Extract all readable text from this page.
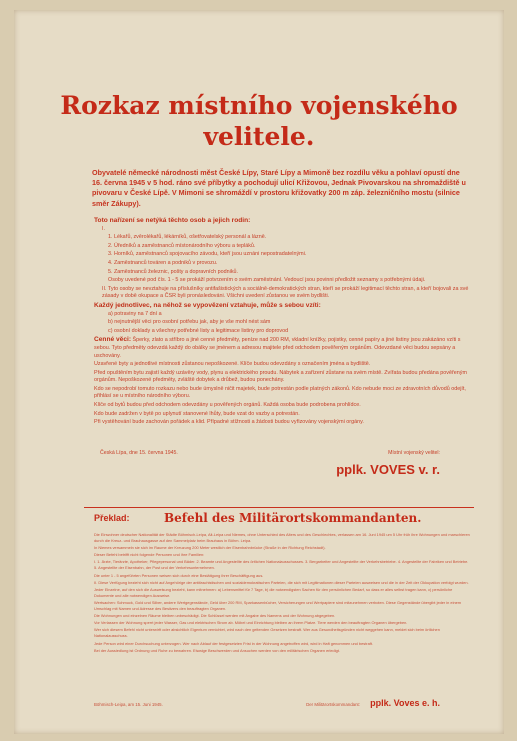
Rozkaz místního vojenského
velitele.
Obyvatelé německé národnosti měst České Lípy, Staré Lípy a Mimoně bez rozdílu věku a pohlaví opustí dne 16. června 1945 v 5 hod. ráno své příbytky a pochodují ulicí Křižovou, Jednak Pivovarskou na shromaždiště u pivovaru v České Lípě. V Mimoni se shromáždí v prostoru křižovatky 200 m záp. železničního mostu (silnice směr Zákupy).

Toto nařízení se netýká těchto osob a jejich rodin:

I.

1. Lékařů, zvěrolékařů, lékárníků, ošetřovatelský personál a lázně.

2. Úředníků a zaměstnanců místonárodního výboru a tepláků.

3. Horníků, zaměstnanců spojovacího závodu, kteří jsou uznáni nepostradatelnými.

4. Zaměstnanců továren a podniků v provozu.

5. Zaměstnanců železnic, pošty a dopravních podniků.

Osoby uvedené pod čís. 1 - 5 se prokáží potvrzením o svém zaměstnání. Vedoucí jsou povinni předložit seznamy s potřebnými údaji.

II. Tyto osoby se nevztahuje na příslušníky antifašistických a sociálně-demokratických stran, kteří se prokáží legitimací těchto stran, a kteří bojovali za své zásady v době okupace a ČSR byli pronásledováni. Všichni uvedení zůstanou ve svém bydlišti.

Každý jednotlivec, na něhož se vypovězení vztahuje, může s sebou vzíti:

a) potraviny na 7 dní a

b) nejnutnější věci pro osobní potřebu jak, aby je vše mohl nést sám

c) osobní doklady a všechny potřebné listy a legitimace listiny pro doprovod

Cenné věci: Šperky, zlato a stříbro a jiné cenné předměty, peníze nad 200 RM, vkladní knížky, pojistky, cenné papíry a jiné listiny jsou zakázáno vzíti s sebou. Tyto předměty odevzdá každý do obálky se jménem a adresou majitele před odchodem pověřeným orgánům. Odevzdané věci budou sepsány a uschovány.

Uzavřené byty a jednotlivé místnosti zůstanou nepoškozené. Klíče budou odevzdány s označením jména a bydliště.

Před opuštěním bytu zajistí každý uzávěry vody, plynu a elektrického proudu. Nábytek a zařízení zůstane na svém místě. Zvířata budou předána pověřeným orgánům. Nepoškozené předměty, zvláště dobytek a drůbež, budou ponechány.

Kdo se nepodrobí tomuto rozkazu nebo bude úmyslně ničit majetek, bude potrestán podle platných zákonů. Kdo nebude moci ze zdravotních důvodů odejít, přihlásí se u místního národního výboru.

Klíče od bytů budou před odchodem odevzdány u pověřených orgánů. Každá osoba bude podrobena prohlídce.

Kdo bude zadržen v bytě po uplynutí stanovené lhůty, bude vzat do vazby a potrestán.

Při vystěhování bude zachován pořádek a klid. Případné stížnosti a žádosti budou vyřizovány vojenskými orgány.

Česká Lípa, dne 15. června 1945.	Místní vojenský velitel:
pplk. VOVES v. r.
Překlad:	Befehl des Militärortskommandanten.

Die Einwohner deutscher Nationalität der Städte Böhmisch-Leipa, Alt-Leipa und Niemes, ohne Unterschied des Alters und des Geschlechtes, verlassen am 16. Juni 1945 um 5 Uhr früh ihre Wohnungen und marschieren durch die Kreuz- und Brauhausgasse auf den Sammelplatz beim Brauhaus in Böhm. Leipa.

In Niemes versammeln sie sich im Raume der Kreuzung 200 Meter westlich der Eisenbahnbrücke (Straße in der Richtung Reichstadt).

Dieser Befehl betrifft nicht folgende Personen und ihre Familien:

I. 1. Ärzte, Tierärzte, Apotheker, Pflegepersonal und Bäder. 2. Beamte und Angestellte des örtlichen Nationalausschusses. 3. Bergarbeiter und Angestellte der Verkehrsbetriebe. 4. Angestellte der Fabriken und Betriebe. 5. Angestellte der Eisenbahn, der Post und der Verkehrsunternehmen.

Die unter 1 - 5 angeführten Personen weisen sich durch eine Bestätigung ihrer Beschäftigung aus.

II. Diese Verfügung bezieht sich nicht auf Angehörige der antifaschistischen und sozialdemokratischen Parteien, die sich mit Legitimationen dieser Parteien ausweisen und die in der Zeit der Okkupation verfolgt wurden.

Jeder Einzelne, auf den sich die Ausweisung bezieht, kann mitnehmen: a) Lebensmittel für 7 Tage, b) die notwendigsten Sachen für den persönlichen Bedarf, so dass er alles selbst tragen kann, c) persönliche Dokumente und alle notwendigen Ausweise.

Wertsachen: Schmuck, Gold und Silber, andere Wertgegenstände, Geld über 200 RM, Sparkassenbücher, Versicherungen und Wertpapiere sind mitzunehmen verboten. Diese Gegenstände übergibt jeder in einem Umschlag mit Namen und Adresse des Besitzers den beauftragten Organen.

Die Wohnungen und einzelnen Räume bleiben unbeschädigt. Die Schlüssel werden mit Angabe des Namens und der Wohnung abgegeben.

Vor Verlassen der Wohnung sperrt jeder Wasser, Gas und elektrischen Strom ab. Möbel und Einrichtung bleiben an ihrem Platze. Tiere werden den beauftragten Organen übergeben.

Wer sich diesem Befehl nicht unterwirft oder absichtlich Eigentum vernichtet, wird nach den geltenden Gesetzen bestraft. Wer aus Gesundheitsgründen nicht weggehen kann, meldet sich beim örtlichen Nationalausschuss.

Jede Person wird einer Durchsuchung unterzogen. Wer nach Ablauf der festgesetzten Frist in der Wohnung angetroffen wird, wird in Haft genommen und bestraft.

Bei der Aussiedlung ist Ordnung und Ruhe zu bewahren. Etwaige Beschwerden und Ansuchen werden von den militärischen Organen erledigt.

Böhmisch-Leipa, am 15. Juni 1945.	Der Militärortskommandant: pplk. Voves e. h.
